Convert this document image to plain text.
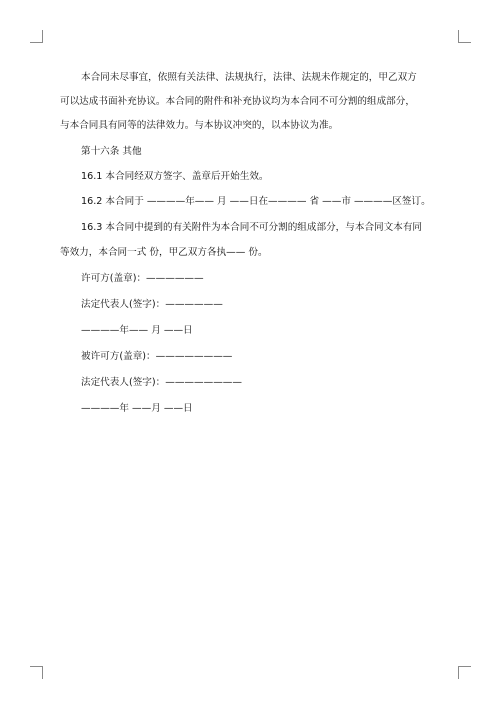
本合同未尽事宜，依照有关法律、法规执行，法律、法规未作规定的，甲乙双方
可以达成书面补充协议。本合同的附件和补充协议均为本合同不可分割的组成部分，
与本合同具有同等的法律效力。与本协议冲突的，以本协议为准。
第十六条 其他
16.1 本合同经双方签字、盖章后开始生效。
16.2 本合同于 ————年—— 月 ——日在———— 省 ——市 ————区签订。
16.3 本合同中提到的有关附件为本合同不可分割的组成部分，与本合同文本有同
等效力，本合同一式 份，甲乙双方各执—— 份。
许可方(盖章)：——————
法定代表人(签字)：——————
————年—— 月 ——日
被许可方(盖章)：————————
法定代表人(签字)：————————
————年 ——月 ——日
